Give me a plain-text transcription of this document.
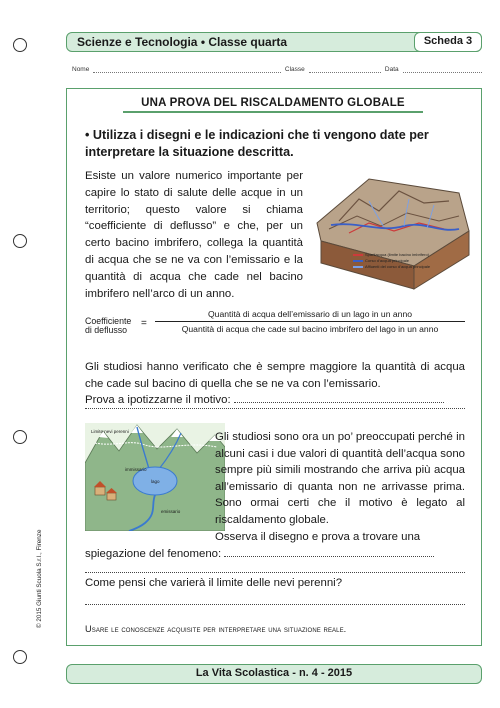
Scienze e Tecnologia • Classe quarta	Scheda 3
Nome	Classe	Data
UNA PROVA DEL RISCALDAMENTO GLOBALE
• Utilizza i disegni e le indicazioni che ti vengono date per interpretare la situazione descritta.
Esiste un valore numerico importante per capire lo stato di salute delle acque in un territorio; questo valore si chiama “coefficiente di deflusso” e che, per un certo bacino imbrifero, collega la quantità di acqua che se ne va con l’emissario e la quantità di acqua che cade nel bacino imbrifero nell’arco di un anno.
Spartiacqua (limite bacino imbrifero)
Corso d’acqua principale
Affluenti del corso d’acqua principale
Coefficiente
di deflusso
=
Quantità di acqua dell’emissario di un lago in un anno
Quantità di acqua che cade sul bacino imbrifero del lago in un anno
Gli studiosi hanno verificato che è sempre maggiore la quantità di acqua che cade sul bacino di quella che se ne va con l’emissario.
Prova a ipotizzarne il motivo:
Limite nevi perenni
immissario
lago
emissario
Gli studiosi sono ora un po’ preoccupati perché in alcuni casi i due valori di quantità dell’acqua sono sempre più simili mostrando che arriva più acqua all’emissario di quanta non ne arrivasse prima. Sono ormai certi che il motivo è legato al riscaldamento globale.
Osserva il disegno e prova a trovare una
spiegazione del fenomeno:
Come pensi che varierà il limite delle nevi perenni?
Usare le conoscenze acquisite per interpretare una situazione reale.
© 2015 Giunti Scuola S.r.l., Firenze
La Vita Scolastica - n. 4 - 2015
